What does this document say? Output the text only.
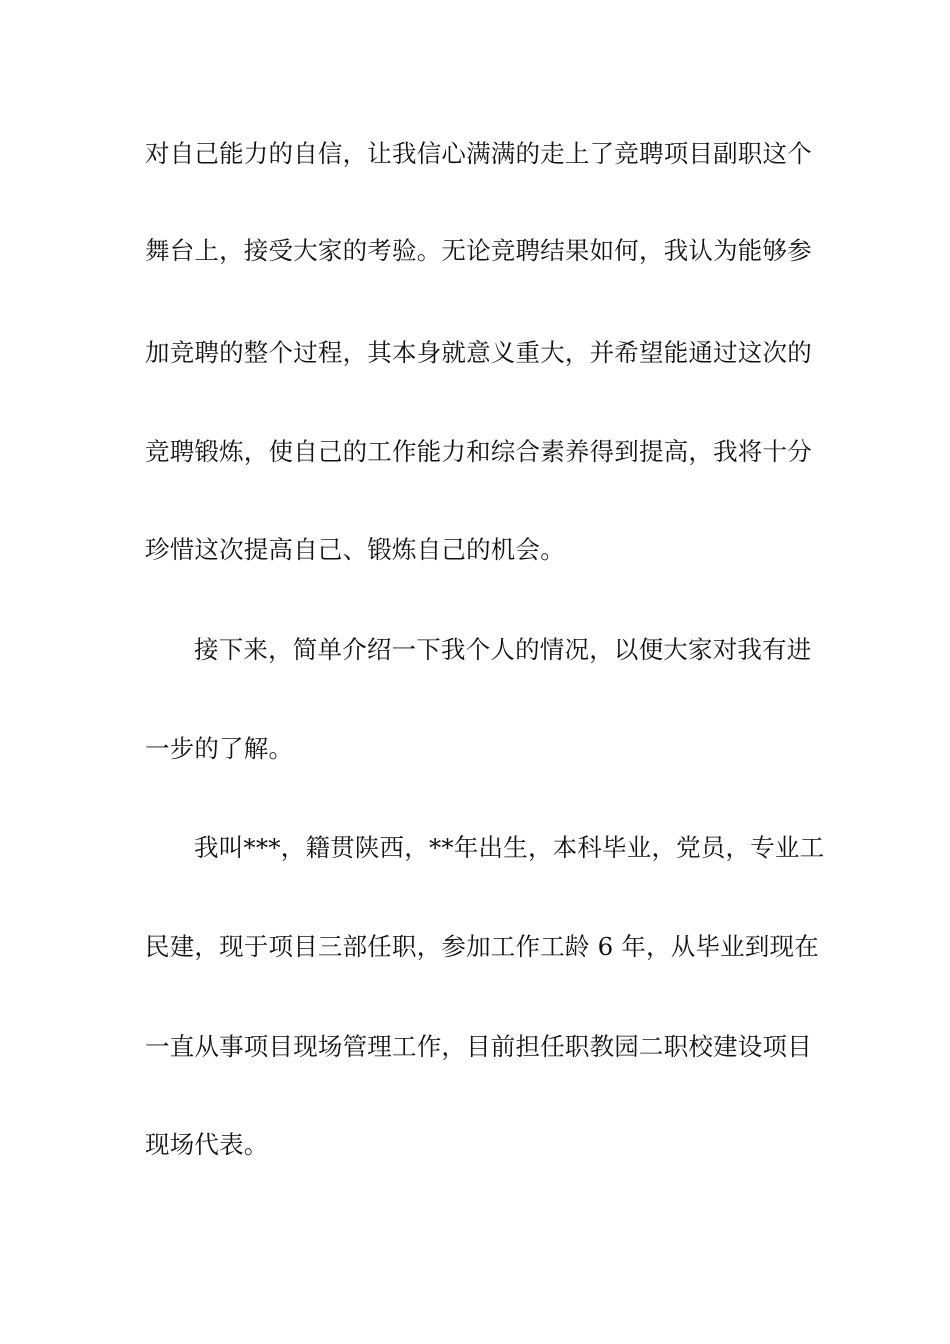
对自己能力的自信，让我信心满满的走上了竞聘项目副职这个
舞台上，接受大家的考验。无论竞聘结果如何，我认为能够参
加竞聘的整个过程，其本身就意义重大，并希望能通过这次的
竞聘锻炼，使自己的工作能力和综合素养得到提高，我将十分
珍惜这次提高自己、锻炼自己的机会。
接下来，简单介绍一下我个人的情况，以便大家对我有进
一步的了解。
我叫***，籍贯陕西，**年出生，本科毕业，党员，专业工
民建，现于项目三部任职，参加工作工龄 6 年，从毕业到现在
一直从事项目现场管理工作，目前担任职教园二职校建设项目
现场代表。
